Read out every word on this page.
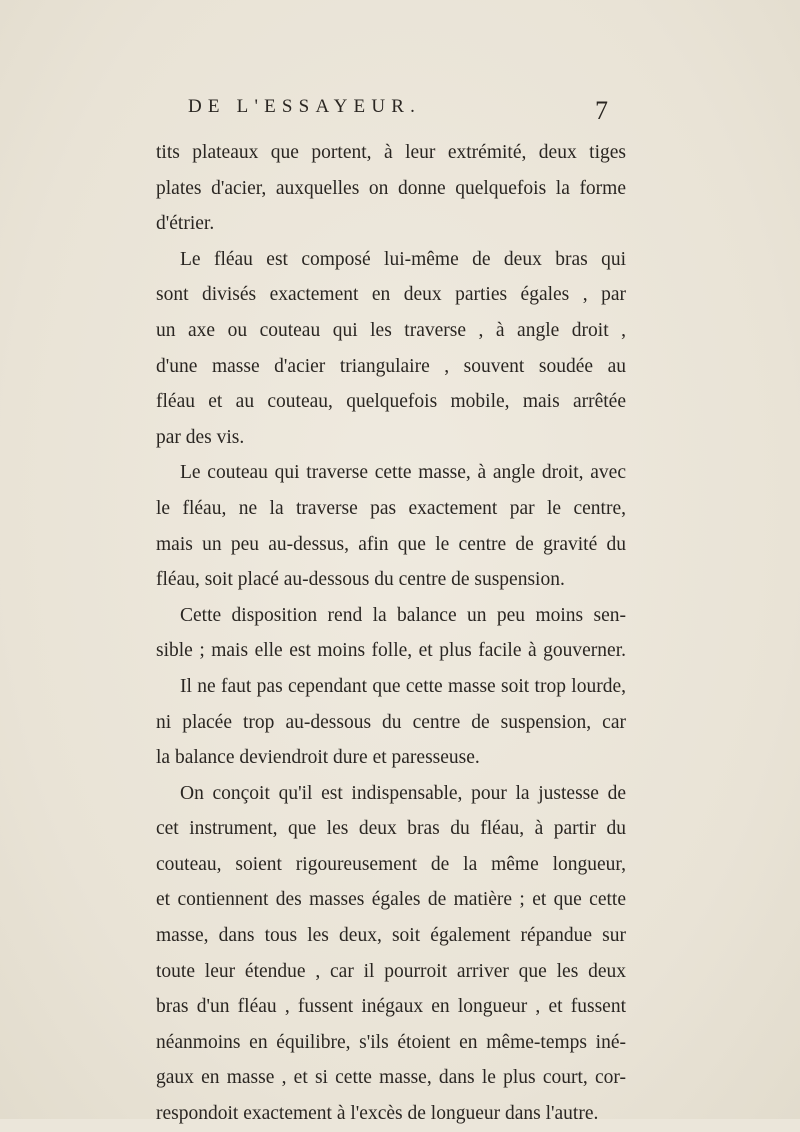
DE L'ESSAYEUR.	7
tits plateaux que portent, à leur extrémité, deux tiges
plates d'acier, auxquelles on donne quelquefois la forme
d'étrier.
Le fléau est composé lui-même de deux bras qui
sont divisés exactement en deux parties égales , par
un axe ou couteau qui les traverse , à angle droit ,
d'une masse d'acier triangulaire , souvent soudée au
fléau et au couteau, quelquefois mobile, mais arrêtée
par des vis.
Le couteau qui traverse cette masse, à angle droit, avec
le fléau, ne la traverse pas exactement par le centre,
mais un peu au-dessus, afin que le centre de gravité du
fléau, soit placé au-dessous du centre de suspension.
Cette disposition rend la balance un peu moins sen-
sible ; mais elle est moins folle, et plus facile à gouverner.
Il ne faut pas cependant que cette masse soit trop lourde,
ni placée trop au-dessous du centre de suspension, car
la balance deviendroit dure et paresseuse.
On conçoit qu'il est indispensable, pour la justesse de
cet instrument, que les deux bras du fléau, à partir du
couteau, soient rigoureusement de la même longueur,
et contiennent des masses égales de matière ; et que cette
masse, dans tous les deux, soit également répandue sur
toute leur étendue , car il pourroit arriver que les deux
bras d'un fléau , fussent inégaux en longueur , et fussent
néanmoins en équilibre, s'ils étoient en même-temps iné-
gaux en masse , et si cette masse, dans le plus court, cor-
respondoit exactement à l'excès de longueur dans l'autre.
